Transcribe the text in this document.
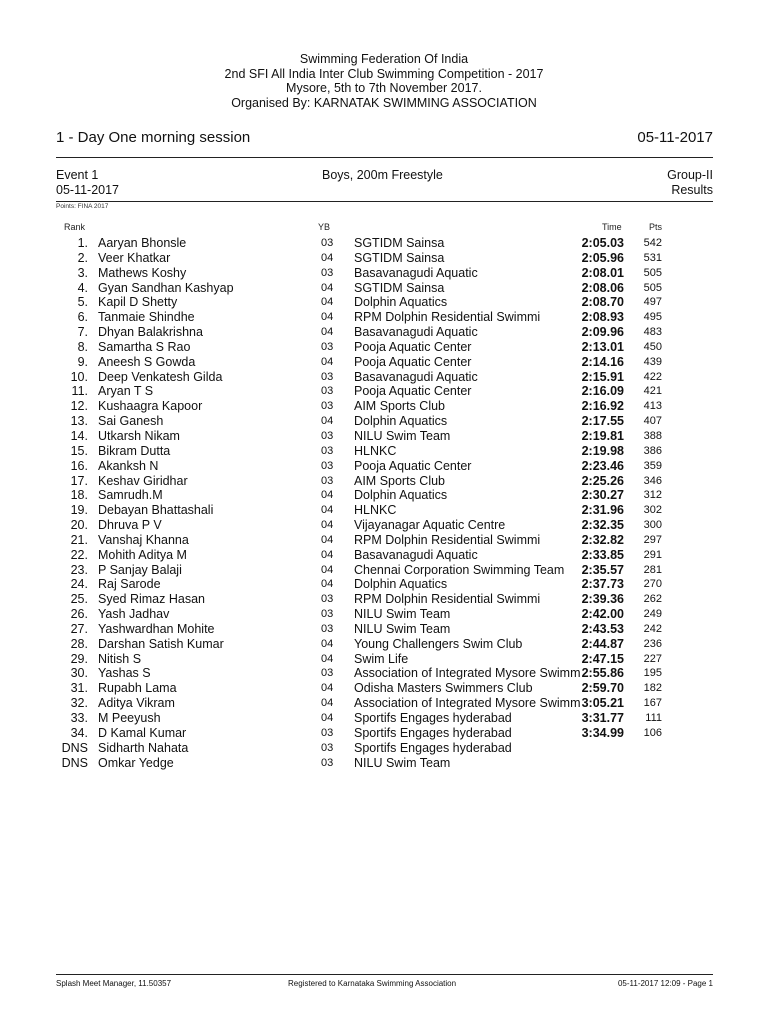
Swimming Federation Of India
2nd SFI All India Inter Club Swimming Competition - 2017
Mysore, 5th to 7th November 2017.
Organised By: KARNATAK SWIMMING ASSOCIATION
1 - Day One morning session	05-11-2017
Event 1
05-11-2017
Boys, 200m Freestyle	Group-II
Results
Points: FINA 2017
Rank	YB	Time	Pts
1. Aaryan Bhonsle	03 SGTIDM Sainsa	2:05.03	542
2. Veer Khatkar	04 SGTIDM Sainsa	2:05.96	531
3. Mathews Koshy	03 Basavanagudi Aquatic	2:08.01	505
4. Gyan Sandhan Kashyap	04 SGTIDM Sainsa	2:08.06	505
5. Kapil D Shetty	04 Dolphin Aquatics	2:08.70	497
6. Tanmaie Shindhe	04 RPM Dolphin Residential Swimmi	2:08.93	495
7. Dhyan Balakrishna	04 Basavanagudi Aquatic	2:09.96	483
8. Samartha S Rao	03 Pooja Aquatic Center	2:13.01	450
9. Aneesh S Gowda	04 Pooja Aquatic Center	2:14.16	439
10. Deep Venkatesh Gilda	03 Basavanagudi Aquatic	2:15.91	422
11. Aryan T S	03 Pooja Aquatic Center	2:16.09	421
12. Kushaagra Kapoor	03 AIM Sports Club	2:16.92	413
13. Sai Ganesh	04 Dolphin Aquatics	2:17.55	407
14. Utkarsh Nikam	03 NILU Swim Team	2:19.81	388
15. Bikram Dutta	03 HLNKC	2:19.98	386
16. Akanksh N	03 Pooja Aquatic Center	2:23.46	359
17. Keshav Giridhar	03 AIM Sports Club	2:25.26	346
18. Samrudh.M	04 Dolphin Aquatics	2:30.27	312
19. Debayan Bhattashali	04 HLNKC	2:31.96	302
20. Dhruva P V	04 Vijayanagar Aquatic Centre	2:32.35	300
21. Vanshaj Khanna	04 RPM Dolphin Residential Swimmi	2:32.82	297
22. Mohith Aditya M	04 Basavanagudi Aquatic	2:33.85	291
23. P Sanjay Balaji	04 Chennai Corporation Swimming Team	2:35.57	281
24. Raj Sarode	04 Dolphin Aquatics	2:37.73	270
25. Syed Rimaz Hasan	03 RPM Dolphin Residential Swimmi	2:39.36	262
26. Yash Jadhav	03 NILU Swim Team	2:42.00	249
27. Yashwardhan Mohite	03 NILU Swim Team	2:43.53	242
28. Darshan Satish Kumar	04 Young Challengers Swim Club	2:44.87	236
29. Nitish S	04 Swim Life	2:47.15	227
30. Yashas S	03 Association of Integrated Mysore Swimm 2:55.86	195
31. Rupabh Lama	04 Odisha Masters Swimmers Club	2:59.70	182
32. Aditya Vikram	04 Association of Integrated Mysore Swimm 3:05.21	167
33. M Peeyush	04 Sportifs Engages hyderabad	3:31.77	111
34. D Kamal Kumar	03 Sportifs Engages hyderabad	3:34.99	106
DNS Sidharth Nahata	03 Sportifs Engages hyderabad
DNS Omkar Yedge	03 NILU Swim Team
Splash Meet Manager, 11.50357	Registered to Karnataka Swimming Association	05-11-2017 12:09 - Page 1
